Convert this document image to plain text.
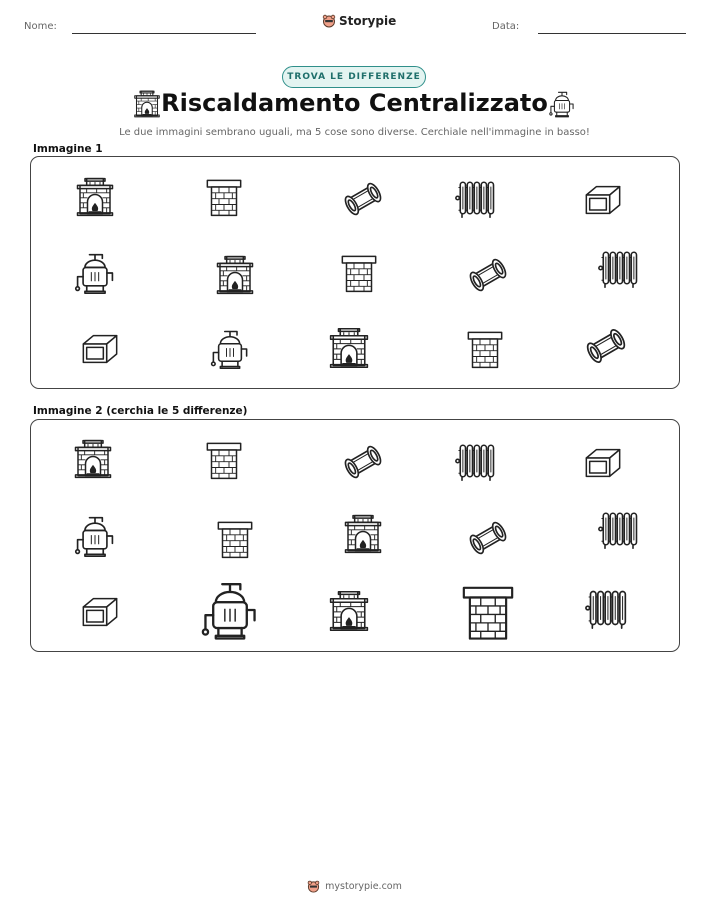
Nome:	Storypie	Data:
TROVA LE DIFFERENZE
Riscaldamento Centralizzato
Le due immagini sembrano uguali, ma 5 cose sono diverse. Cerchiale nell'immagine in basso!
Immagine 1
Immagine 2 (cerchia le 5 differenze)
mystorypie.com
